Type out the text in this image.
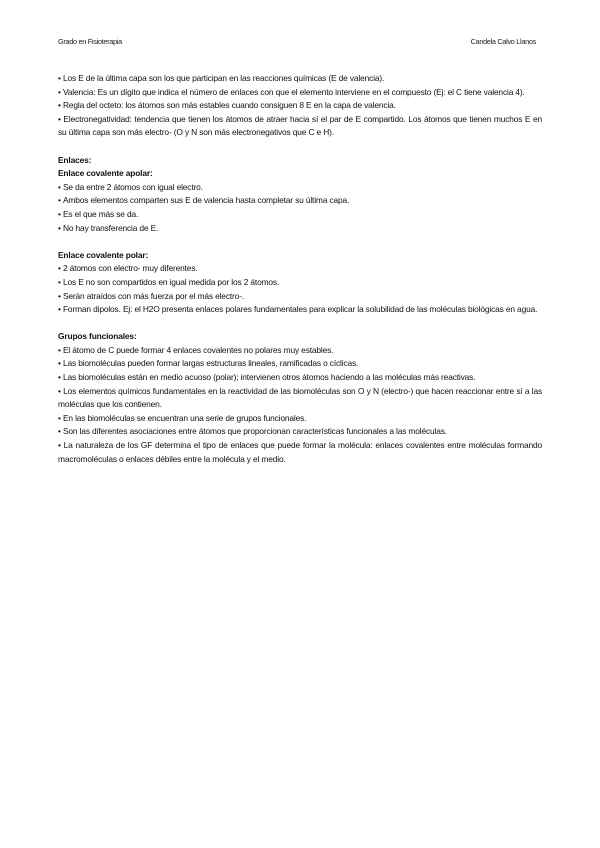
Grado en Fisioterapia	Candela Calvo Llanos
• Los E de la última capa son los que participan en las reacciones químicas (E de valencia).
• Valencia: Es un dígito que indica el número de enlaces con que el elemento interviene en el compuesto (Ej: el C tiene valencia 4).
• Regla del octeto: los átomos son más estables cuando consiguen 8 E en la capa de valencia.
• Electronegatividad: tendencia que tienen los átomos de atraer hacia sí el par de E compartido. Los átomos que tienen muchos E en su última capa son más electro- (O y N son más electronegativos que C e H).

Enlaces:

Enlace covalente apolar:

• Se da entre 2 átomos con igual electro.
• Ambos elementos comparten sus E de valencia hasta completar su última capa.
• Es el que más se da.
• No hay transferencia de E.

Enlace covalente polar:

• 2 átomos con electro- muy diferentes.
• Los E no son compartidos en igual medida por los 2 átomos.
• Serán atraídos con más fuerza por el más electro-.
• Forman dipolos. Ej: el H2O presenta enlaces polares fundamentales para explicar la solubilidad de las moléculas biológicas en agua.

Grupos funcionales:

• El átomo de C puede formar 4 enlaces covalentes no polares muy estables.
• Las biomoléculas pueden formar largas estructuras lineales, ramificadas o cíclicas.
• Las biomoléculas están en medio acuoso (polar); intervienen otros átomos haciendo a las moléculas más reactivas.
• Los elementos químicos fundamentales en la reactividad de las biomoléculas son O y N (electro-) que hacen reaccionar entre sí a las moléculas que los contienen.
• En las biomoléculas se encuentran una serie de grupos funcionales.
• Son las diferentes asociaciones entre átomos que proporcionan características funcionales a las moléculas.
• La naturaleza de los GF determina el tipo de enlaces que puede formar la molécula: enlaces covalentes entre moléculas formando macromoléculas o enlaces débiles entre la molécula y el medio.
